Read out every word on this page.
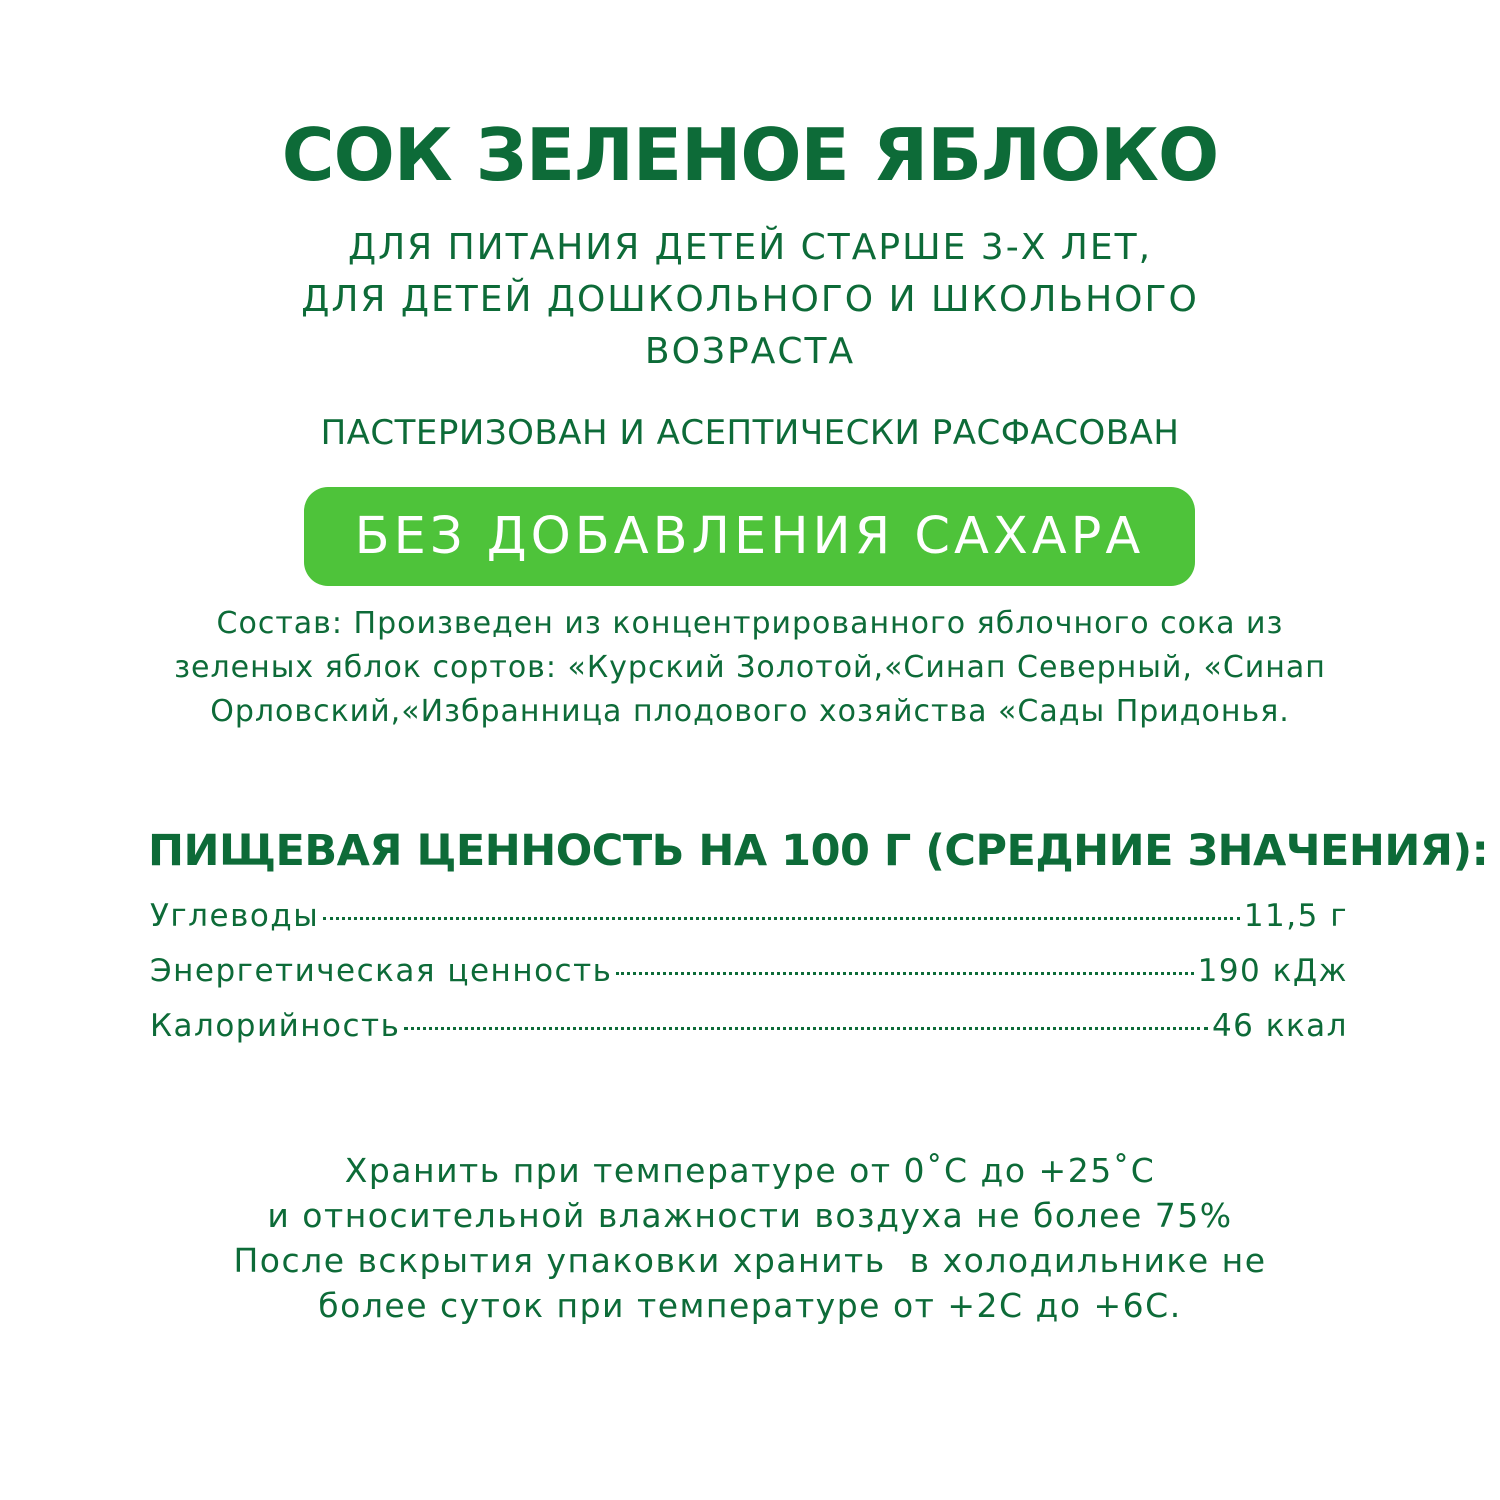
СОК ЗЕЛЕНОЕ ЯБЛОКО
ДЛЯ ПИТАНИЯ ДЕТЕЙ СТАРШЕ 3-Х ЛЕТ,
ДЛЯ ДЕТЕЙ ДОШКОЛЬНОГО И ШКОЛЬНОГО
ВОЗРАСТА
ПАСТЕРИЗОВАН И АСЕПТИЧЕСКИ РАСФАСОВАН
БЕЗ ДОБАВЛЕНИЯ САХАРА
Состав: Произведен из концентрированного яблочного сока из
зеленых яблок сортов: «Курский Золотой,«Синап Северный, «Синап
Орловский,«Избранница плодового хозяйства «Сады Придонья.
ПИЩЕВАЯ ЦЕННОСТЬ НА 100 Г (СРЕДНИЕ ЗНАЧЕНИЯ):
Углеводы	11,5 г
Энергетическая ценность	190 кДж
Калорийность	46 ккал
Хранить при температуре от 0˚С до +25˚С
и относительной влажности воздуха не более 75%
После вскрытия упаковки хранить  в холодильнике не
более суток при температуре от +2С до +6С.
